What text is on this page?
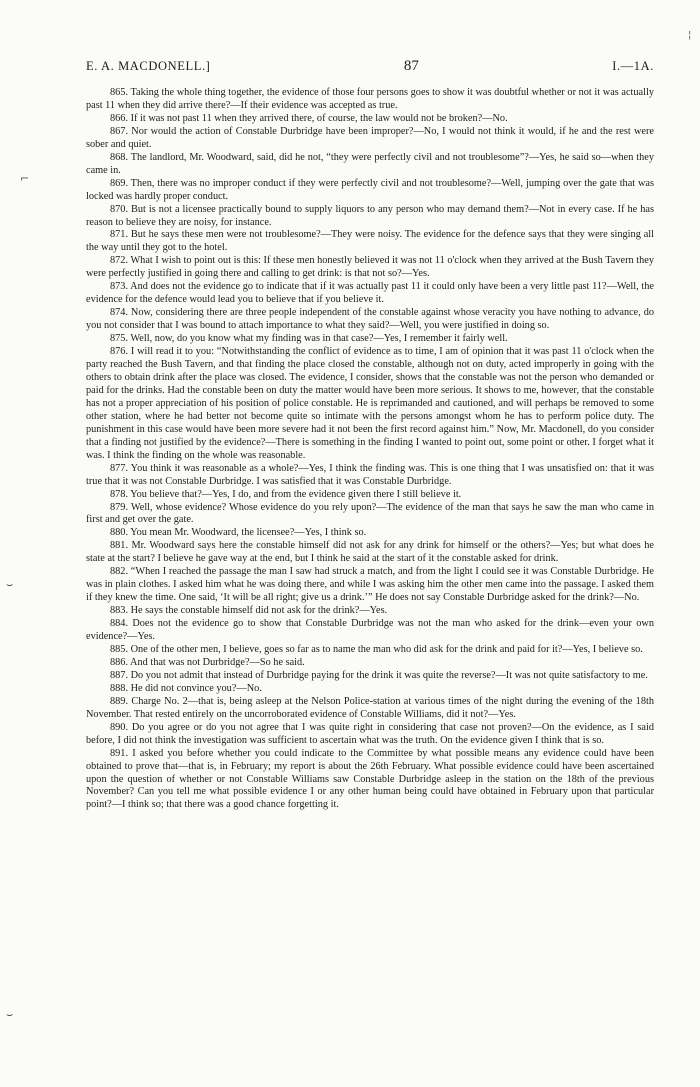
E. A. MACDONELL.]	87	I.—1A.

865. Taking the whole thing together, the evidence of those four persons goes to show it was doubtful whether or not it was actually past 11 when they did arrive there?—If their evidence was accepted as true.

866. If it was not past 11 when they arrived there, of course, the law would not be broken?—No.

867. Nor would the action of Constable Durbridge have been improper?—No, I would not think it would, if he and the rest were sober and quiet.

868. The landlord, Mr. Woodward, said, did he not, “they were perfectly civil and not troublesome”?—Yes, he said so—when they came in.

869. Then, there was no improper conduct if they were perfectly civil and not troublesome?—Well, jumping over the gate that was locked was hardly proper conduct.

870. But is not a licensee practically bound to supply liquors to any person who may demand them?—Not in every case. If he has reason to believe they are noisy, for instance.

871. But he says these men were not troublesome?—They were noisy. The evidence for the defence says that they were singing all the way until they got to the hotel.

872. What I wish to point out is this: If these men honestly believed it was not 11 o'clock when they arrived at the Bush Tavern they were perfectly justified in going there and calling to get drink: is that not so?—Yes.

873. And does not the evidence go to indicate that if it was actually past 11 it could only have been a very little past 11?—Well, the evidence for the defence would lead you to believe that if you believe it.

874. Now, considering there are three people independent of the constable against whose veracity you have nothing to advance, do you not consider that I was bound to attach importance to what they said?—Well, you were justified in doing so.

875. Well, now, do you know what my finding was in that case?—Yes, I remember it fairly well.

876. I will read it to you: “Notwithstanding the conflict of evidence as to time, I am of opinion that it was past 11 o'clock when the party reached the Bush Tavern, and that finding the place closed the constable, although not on duty, acted improperly in going with the others to obtain drink after the place was closed. The evidence, I consider, shows that the constable was not the person who demanded or paid for the drinks. Had the constable been on duty the matter would have been more serious. It shows to me, however, that the constable has not a proper appreciation of his position of police constable. He is reprimanded and cautioned, and will perhaps be removed to some other station, where he had better not become quite so intimate with the persons amongst whom he has to perform police duty. The punishment in this case would have been more severe had it not been the first record against him.” Now, Mr. Macdonell, do you consider that a finding not justified by the evidence?—There is something in the finding I wanted to point out, some point or other. I forget what it was. I think the finding on the whole was reasonable.

877. You think it was reasonable as a whole?—Yes, I think the finding was. This is one thing that I was unsatisfied on: that it was true that it was not Constable Durbridge. I was satisfied that it was Constable Durbridge.

878. You believe that?—Yes, I do, and from the evidence given there I still believe it.

879. Well, whose evidence? Whose evidence do you rely upon?—The evidence of the man that says he saw the man who came in first and get over the gate.

880. You mean Mr. Woodward, the licensee?—Yes, I think so.

881. Mr. Woodward says here the constable himself did not ask for any drink for himself or the others?—Yes; but what does he state at the start? I believe he gave way at the end, but I think he said at the start of it the constable asked for drink.

882. “When I reached the passage the man I saw had struck a match, and from the light I could see it was Constable Durbridge. He was in plain clothes. I asked him what he was doing there, and while I was asking him the other men came into the passage. I asked them if they knew the time. One said, ‘It will be all right; give us a drink.’” He does not say Constable Durbridge asked for the drink?—No.

883. He says the constable himself did not ask for the drink?—Yes.

884. Does not the evidence go to show that Constable Durbridge was not the man who asked for the drink—even your own evidence?—Yes.

885. One of the other men, I believe, goes so far as to name the man who did ask for the drink and paid for it?—Yes, I believe so.

886. And that was not Durbridge?—So he said.

887. Do you not admit that instead of Durbridge paying for the drink it was quite the reverse?—It was not quite satisfactory to me.

888. He did not convince you?—No.

889. Charge No. 2—that is, being asleep at the Nelson Police-station at various times of the night during the evening of the 18th November. That rested entirely on the uncorroborated evidence of Constable Williams, did it not?—Yes.

890. Do you agree or do you not agree that I was quite right in considering that case not proven?—On the evidence, as I said before, I did not think the investigation was sufficient to ascertain what was the truth. On the evidence given I think that is so.

891. I asked you before whether you could indicate to the Committee by what possible means any evidence could have been obtained to prove that—that is, in February; my report is about the 26th February. What possible evidence could have been ascertained upon the question of whether or not Constable Williams saw Constable Durbridge asleep in the station on the 18th of the previous November? Can you tell me what possible evidence I or any other human being could have obtained in February upon that particular point?—I think so; that there was a good chance forgetting it.

⌐
⌣
⌣
¦
